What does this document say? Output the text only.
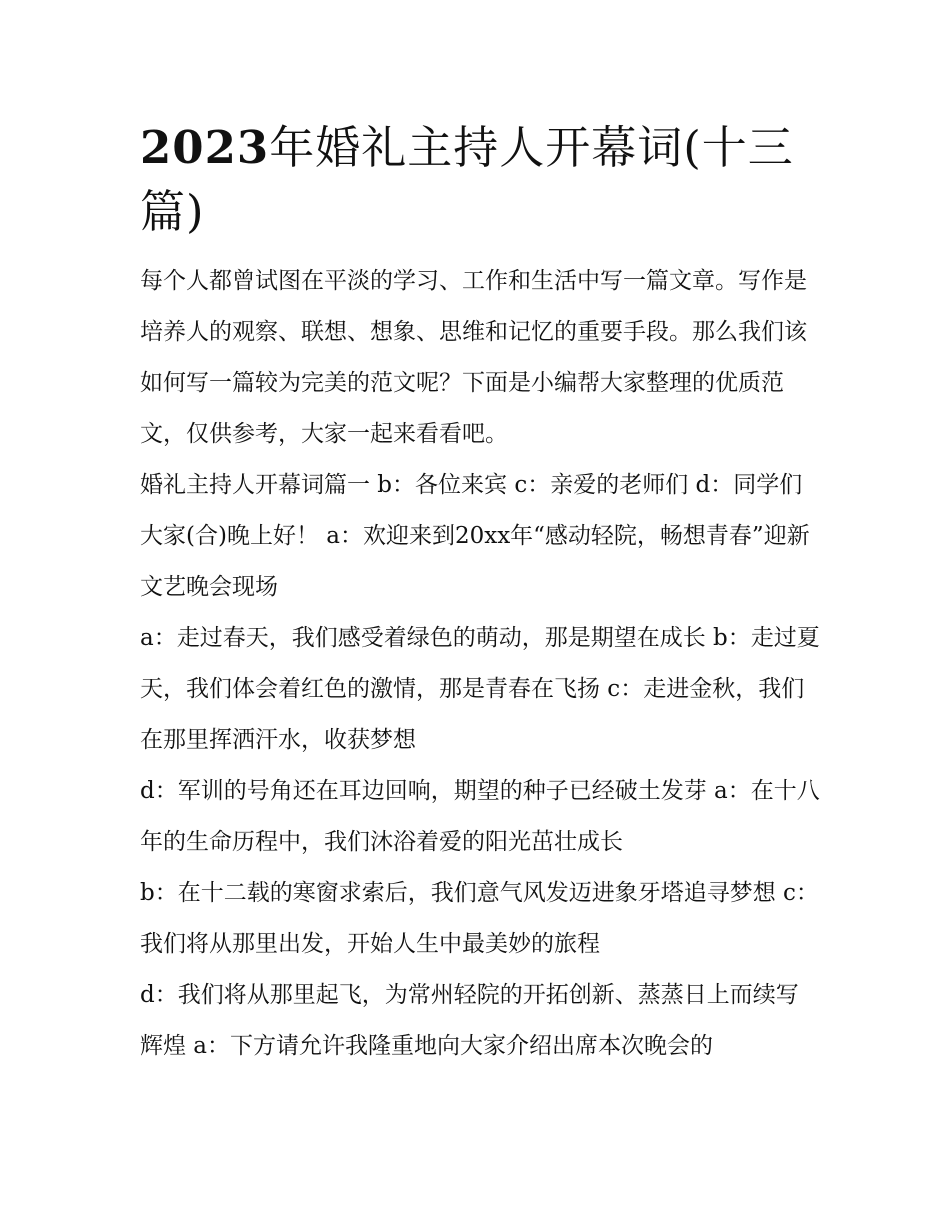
2023年婚礼主持人开幕词(十三篇)

每个人都曾试图在平淡的学习、工作和生活中写一篇文章。写作是培养人的观察、联想、想象、思维和记忆的重要手段。那么我们该如何写一篇较为完美的范文呢？下面是小编帮大家整理的优质范文，仅供参考，大家一起来看看吧。

婚礼主持人开幕词篇一 b：各位来宾 c：亲爱的老师们 d：同学们大家(合)晚上好！ a：欢迎来到20xx年“感动轻院，畅想青春”迎新文艺晚会现场

a：走过春天，我们感受着绿色的萌动，那是期望在成长 b：走过夏天，我们体会着红色的激情，那是青春在飞扬 c：走进金秋，我们在那里挥洒汗水，收获梦想

d：军训的号角还在耳边回响，期望的种子已经破土发芽 a：在十八年的生命历程中，我们沐浴着爱的阳光茁壮成长

b：在十二载的寒窗求索后，我们意气风发迈进象牙塔追寻梦想 c：我们将从那里出发，开始人生中最美妙的旅程

d：我们将从那里起飞，为常州轻院的开拓创新、蒸蒸日上而续写辉煌 a：下方请允许我隆重地向大家介绍出席本次晚会的
